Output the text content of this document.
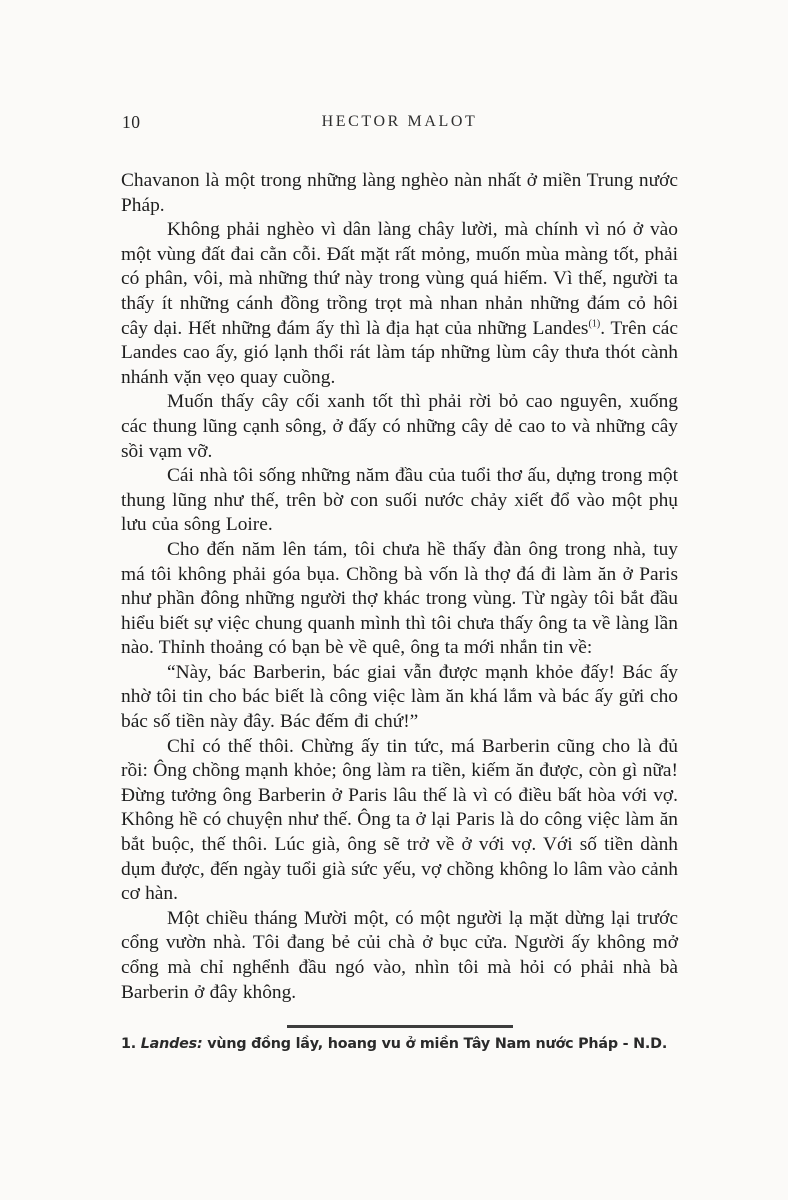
10	HECTOR MALOT

Chavanon là một trong những làng nghèo nàn nhất ở miền Trung nước Pháp.

Không phải nghèo vì dân làng chây lười, mà chính vì nó ở vào một vùng đất đai cằn cỗi. Đất mặt rất mỏng, muốn mùa màng tốt, phải có phân, vôi, mà những thứ này trong vùng quá hiếm. Vì thế, người ta thấy ít những cánh đồng trồng trọt mà nhan nhản những đám cỏ hôi cây dại. Hết những đám ấy thì là địa hạt của những Landes$^{(1)}$. Trên các Landes cao ấy, gió lạnh thổi rát làm táp những lùm cây thưa thót cành nhánh vặn vẹo quay cuồng.

Muốn thấy cây cối xanh tốt thì phải rời bỏ cao nguyên, xuống các thung lũng cạnh sông, ở đấy có những cây dẻ cao to và những cây sồi vạm vỡ.

Cái nhà tôi sống những năm đầu của tuổi thơ ấu, dựng trong một thung lũng như thế, trên bờ con suối nước chảy xiết đổ vào một phụ lưu của sông Loire.

Cho đến năm lên tám, tôi chưa hề thấy đàn ông trong nhà, tuy má tôi không phải góa bụa. Chồng bà vốn là thợ đá đi làm ăn ở Paris như phần đông những người thợ khác trong vùng. Từ ngày tôi bắt đầu hiểu biết sự việc chung quanh mình thì tôi chưa thấy ông ta về làng lần nào. Thỉnh thoảng có bạn bè về quê, ông ta mới nhắn tin về:

“Này, bác Barberin, bác giai vẫn được mạnh khỏe đấy! Bác ấy nhờ tôi tin cho bác biết là công việc làm ăn khá lắm và bác ấy gửi cho bác số tiền này đây. Bác đếm đi chứ!”

Chỉ có thế thôi. Chừng ấy tin tức, má Barberin cũng cho là đủ rồi: Ông chồng mạnh khỏe; ông làm ra tiền, kiếm ăn được, còn gì nữa! Đừng tưởng ông Barberin ở Paris lâu thế là vì có điều bất hòa với vợ. Không hề có chuyện như thế. Ông ta ở lại Paris là do công việc làm ăn bắt buộc, thế thôi. Lúc già, ông sẽ trở về ở với vợ. Với số tiền dành dụm được, đến ngày tuổi già sức yếu, vợ chồng không lo lâm vào cảnh cơ hàn.

Một chiều tháng Mười một, có một người lạ mặt dừng lại trước cổng vườn nhà. Tôi đang bẻ củi chà ở bục cửa. Người ấy không mở cổng mà chỉ nghểnh đầu ngó vào, nhìn tôi mà hỏi có phải nhà bà Barberin ở đây không.

1. Landes: vùng đồng lầy, hoang vu ở miền Tây Nam nước Pháp - N.D.
